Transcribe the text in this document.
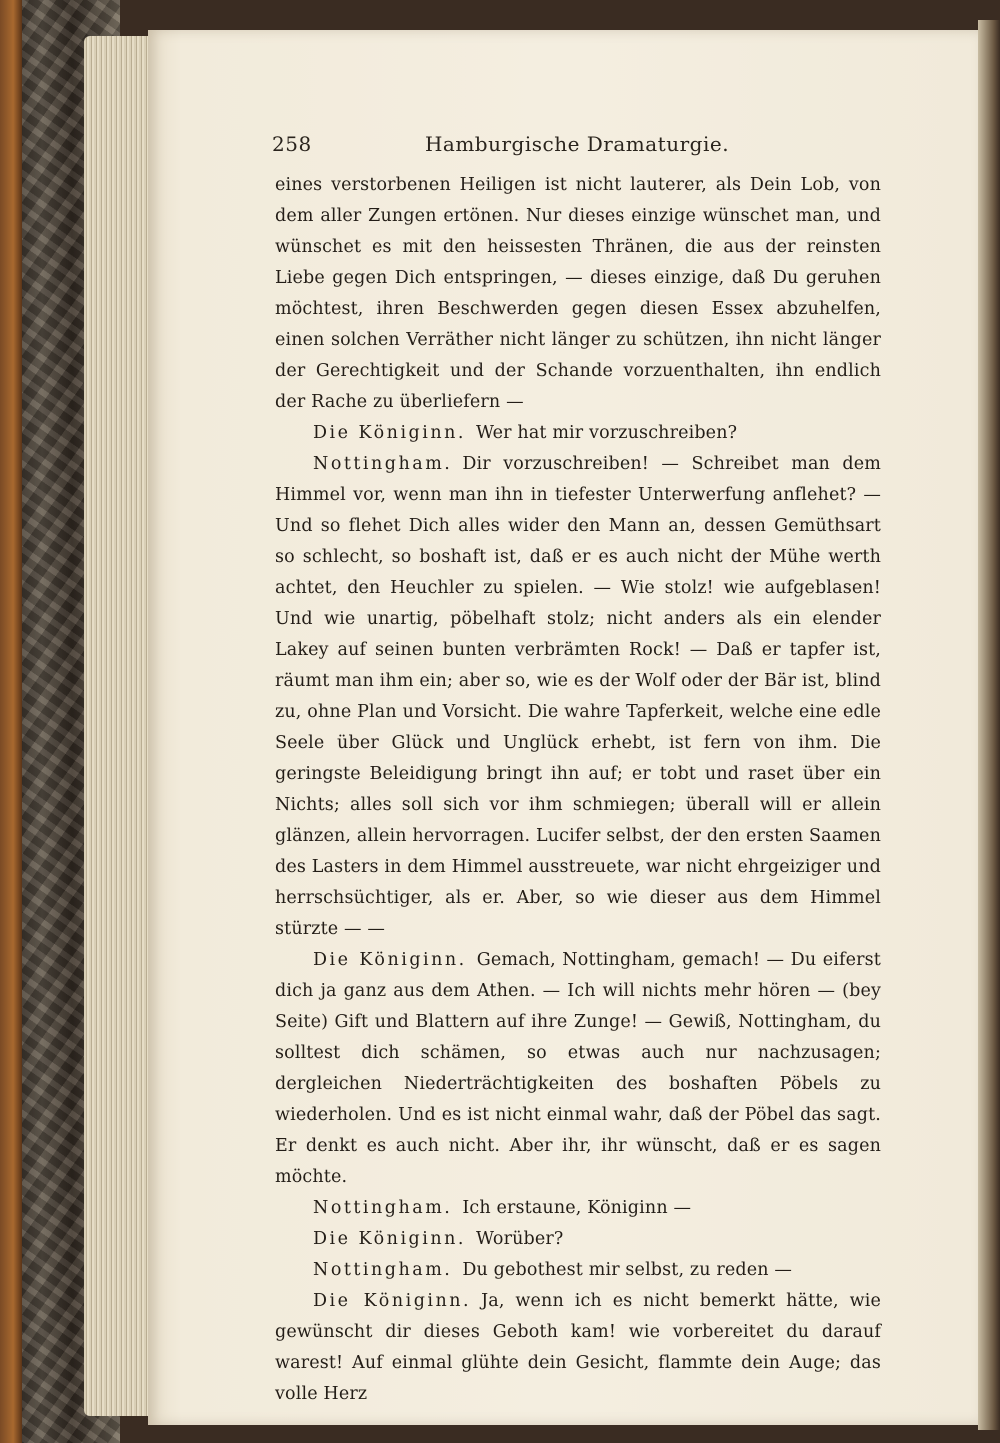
258	Hamburgische Dramaturgie.

eines verstorbenen Heiligen ist nicht lauterer, als Dein Lob, von dem aller Zungen ertönen. Nur dieses einzige wünschet man, und wünschet es mit den heissesten Thränen, die aus der reinsten Liebe gegen Dich entspringen, — dieses einzige, daß Du geruhen möchtest, ihren Beschwerden gegen diesen Essex abzuhelfen, einen solchen Verräther nicht länger zu schützen, ihn nicht länger der Gerechtigkeit und der Schande vorzuenthalten, ihn endlich der Rache zu überliefern —

Die Königinn. Wer hat mir vorzuschreiben?

Nottingham. Dir vorzuschreiben! — Schreibet man dem Himmel vor, wenn man ihn in tiefester Unterwerfung anflehet? — Und so flehet Dich alles wider den Mann an, dessen Gemüthsart so schlecht, so boshaft ist, daß er es auch nicht der Mühe werth achtet, den Heuchler zu spielen. — Wie stolz! wie aufgeblasen! Und wie unartig, pöbelhaft stolz; nicht anders als ein elender Lakey auf seinen bunten verbrämten Rock! — Daß er tapfer ist, räumt man ihm ein; aber so, wie es der Wolf oder der Bär ist, blind zu, ohne Plan und Vorsicht. Die wahre Tapferkeit, welche eine edle Seele über Glück und Unglück erhebt, ist fern von ihm. Die geringste Beleidigung bringt ihn auf; er tobt und raset über ein Nichts; alles soll sich vor ihm schmiegen; überall will er allein glänzen, allein hervorragen. Lucifer selbst, der den ersten Saamen des Lasters in dem Himmel ausstreuete, war nicht ehrgeiziger und herrschsüchtiger, als er. Aber, so wie dieser aus dem Himmel stürzte — —

Die Königinn. Gemach, Nottingham, gemach! — Du eiferst dich ja ganz aus dem Athen. — Ich will nichts mehr hören — (bey Seite) Gift und Blattern auf ihre Zunge! — Gewiß, Nottingham, du solltest dich schämen, so etwas auch nur nachzusagen; dergleichen Niederträchtigkeiten des boshaften Pöbels zu wiederholen. Und es ist nicht einmal wahr, daß der Pöbel das sagt. Er denkt es auch nicht. Aber ihr, ihr wünscht, daß er es sagen möchte.

Nottingham. Ich erstaune, Königinn —

Die Königinn. Worüber?

Nottingham. Du gebothest mir selbst, zu reden —

Die Königinn. Ja, wenn ich es nicht bemerkt hätte, wie gewünscht dir dieses Geboth kam! wie vorbereitet du darauf warest! Auf einmal glühte dein Gesicht, flammte dein Auge; das volle Herz
